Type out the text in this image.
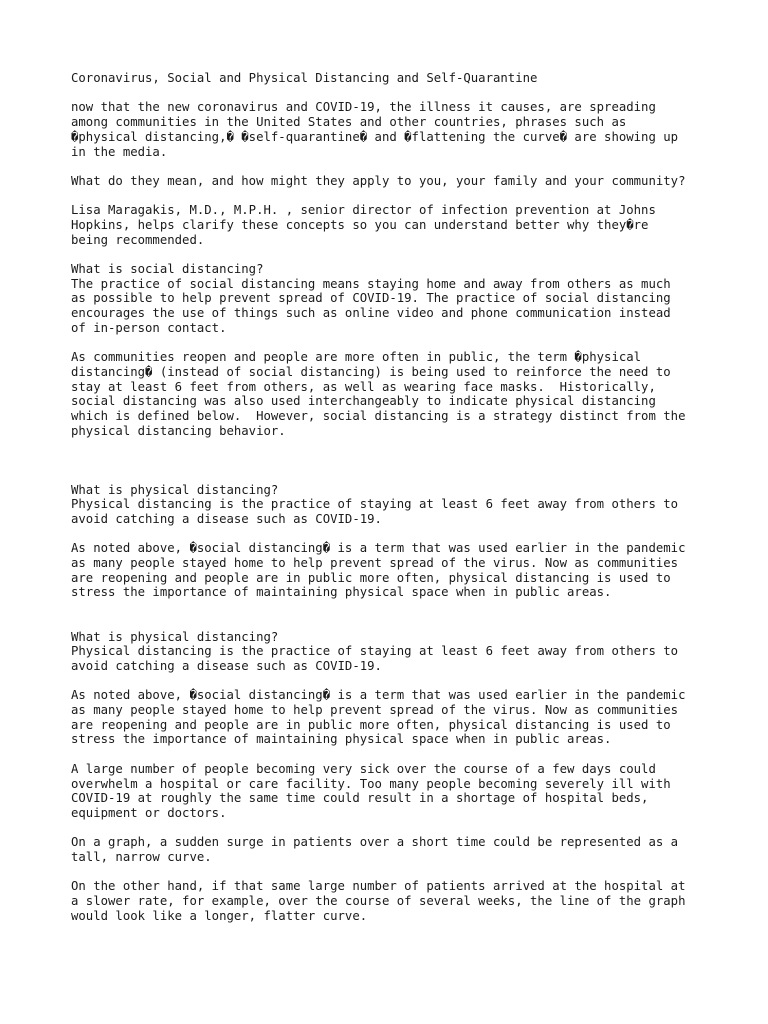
Coronavirus, Social and Physical Distancing and Self-Quarantine
now that the new coronavirus and COVID-19, the illness it causes, are spreading
among communities in the United States and other countries, phrases such as
�physical distancing,� �self-quarantine� and �flattening the curve� are showing up
in the media.
What do they mean, and how might they apply to you, your family and your community?
Lisa Maragakis, M.D., M.P.H. , senior director of infection prevention at Johns
Hopkins, helps clarify these concepts so you can understand better why they�re
being recommended.
What is social distancing?
The practice of social distancing means staying home and away from others as much
as possible to help prevent spread of COVID-19. The practice of social distancing
encourages the use of things such as online video and phone communication instead
of in-person contact.
As communities reopen and people are more often in public, the term �physical
distancing� (instead of social distancing) is being used to reinforce the need to
stay at least 6 feet from others, as well as wearing face masks.  Historically,
social distancing was also used interchangeably to indicate physical distancing
which is defined below.  However, social distancing is a strategy distinct from the
physical distancing behavior.
What is physical distancing?
Physical distancing is the practice of staying at least 6 feet away from others to
avoid catching a disease such as COVID-19.
As noted above, �social distancing� is a term that was used earlier in the pandemic
as many people stayed home to help prevent spread of the virus. Now as communities
are reopening and people are in public more often, physical distancing is used to
stress the importance of maintaining physical space when in public areas.
What is physical distancing?
Physical distancing is the practice of staying at least 6 feet away from others to
avoid catching a disease such as COVID-19.
As noted above, �social distancing� is a term that was used earlier in the pandemic
as many people stayed home to help prevent spread of the virus. Now as communities
are reopening and people are in public more often, physical distancing is used to
stress the importance of maintaining physical space when in public areas.
A large number of people becoming very sick over the course of a few days could
overwhelm a hospital or care facility. Too many people becoming severely ill with
COVID-19 at roughly the same time could result in a shortage of hospital beds,
equipment or doctors.
On a graph, a sudden surge in patients over a short time could be represented as a
tall, narrow curve.
On the other hand, if that same large number of patients arrived at the hospital at
a slower rate, for example, over the course of several weeks, the line of the graph
would look like a longer, flatter curve.
